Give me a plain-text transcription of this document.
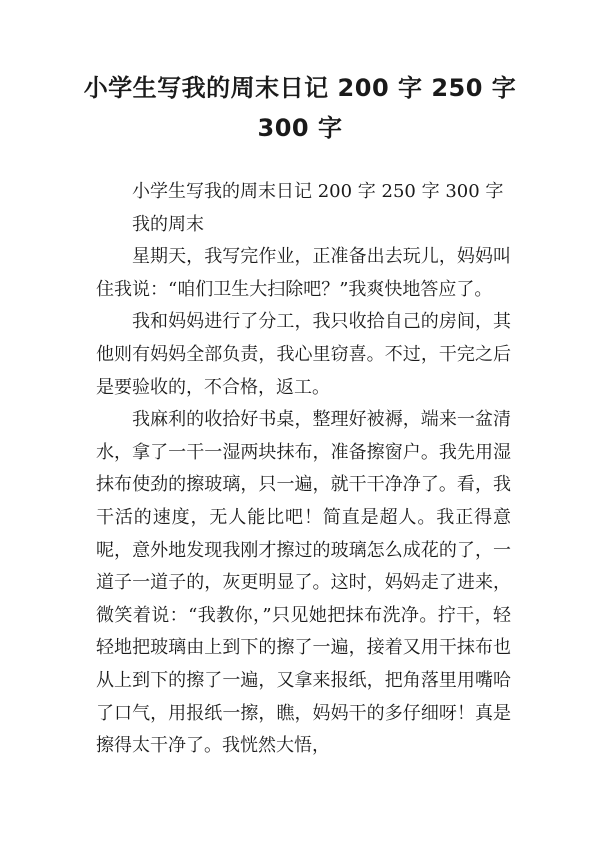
小学生写我的周末日记 200 字 250 字
300 字

小学生写我的周末日记 200 字 250 字 300 字

我的周末

星期天，我写完作业，正准备出去玩儿，妈妈叫住我说：“咱们卫生大扫除吧？”我爽快地答应了。

我和妈妈进行了分工，我只收拾自己的房间，其他则有妈妈全部负责，我心里窃喜。不过，干完之后是要验收的，不合格，返工。

我麻利的收拾好书桌，整理好被褥，端来一盆清水，拿了一干一湿两块抹布，准备擦窗户。我先用湿抹布使劲的擦玻璃，只一遍，就干干净净了。看，我干活的速度，无人能比吧！简直是超人。我正得意呢，意外地发现我刚才擦过的玻璃怎么成花的了，一道子一道子的，灰更明显了。这时，妈妈走了进来，微笑着说：“我教你，”只见她把抹布洗净。拧干，轻轻地把玻璃由上到下的擦了一遍，接着又用干抹布也从上到下的擦了一遍，又拿来报纸，把角落里用嘴哈了口气，用报纸一擦，瞧，妈妈干的多仔细呀！真是擦得太干净了。我恍然大悟，
